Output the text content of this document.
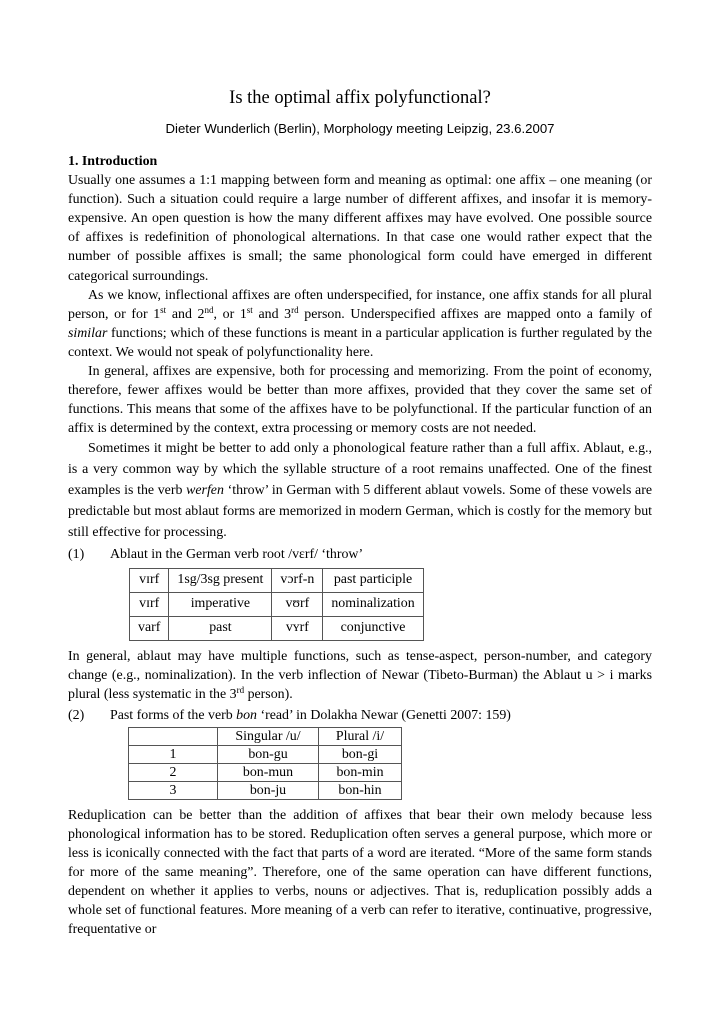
Is the optimal affix polyfunctional?
Dieter Wunderlich (Berlin), Morphology meeting Leipzig, 23.6.2007
1. Introduction

Usually one assumes a 1:1 mapping between form and meaning as optimal: one affix – one meaning (or function). Such a situation could require a large number of different affixes, and insofar it is memory-expensive. An open question is how the many different affixes may have evolved. One possible source of affixes is redefinition of phonological alternations. In that case one would rather expect that the number of possible affixes is small; the same phonological form could have emerged in different categorical surroundings.

As we know, inflectional affixes are often underspecified, for instance, one affix stands for all plural person, or for 1st and 2nd, or 1st and 3rd person. Underspecified affixes are mapped onto a family of similar functions; which of these functions is meant in a particular application is further regulated by the context. We would not speak of polyfunctionality here.

In general, affixes are expensive, both for processing and memorizing. From the point of economy, therefore, fewer affixes would be better than more affixes, provided that they cover the same set of functions. This means that some of the affixes have to be polyfunctional. If the particular function of an affix is determined by the context, extra processing or memory costs are not needed.

Sometimes it might be better to add only a phonological feature rather than a full affix. Ablaut, e.g., is a very common way by which the syllable structure of a root remains unaffected. One of the finest examples is the verb werfen ‘throw’ in German with 5 different ablaut vowels. Some of these vowels are predictable but most ablaut forms are memorized in modern German, which is costly for the memory but still effective for processing.

(1)	Ablaut in the German verb root /vɛrf/ ‘throw’
vɪrf	1sg/3sg present	vɔrf-n	past participle
vɪrf	imperative	vʊrf	nominalization
varf	past	vʏrf	conjunctive

In general, ablaut may have multiple functions, such as tense-aspect, person-number, and category change (e.g., nominalization). In the verb inflection of Newar (Tibeto-Burman) the Ablaut u > i marks plural (less systematic in the 3rd person).

(2)	Past forms of the verb bon ‘read’ in Dolakha Newar (Genetti 2007: 159)
	Singular /u/	Plural /i/
1	bon-gu	bon-gi
2	bon-mun	bon-min
3	bon-ju	bon-hin

Reduplication can be better than the addition of affixes that bear their own melody because less phonological information has to be stored. Reduplication often serves a general purpose, which more or less is iconically connected with the fact that parts of a word are iterated. “More of the same form stands for more of the same meaning”. Therefore, one of the same operation can have different functions, dependent on whether it applies to verbs, nouns or adjectives. That is, reduplication possibly adds a whole set of functional features. More meaning of a verb can refer to iterative, continuative, progressive, frequentative or
